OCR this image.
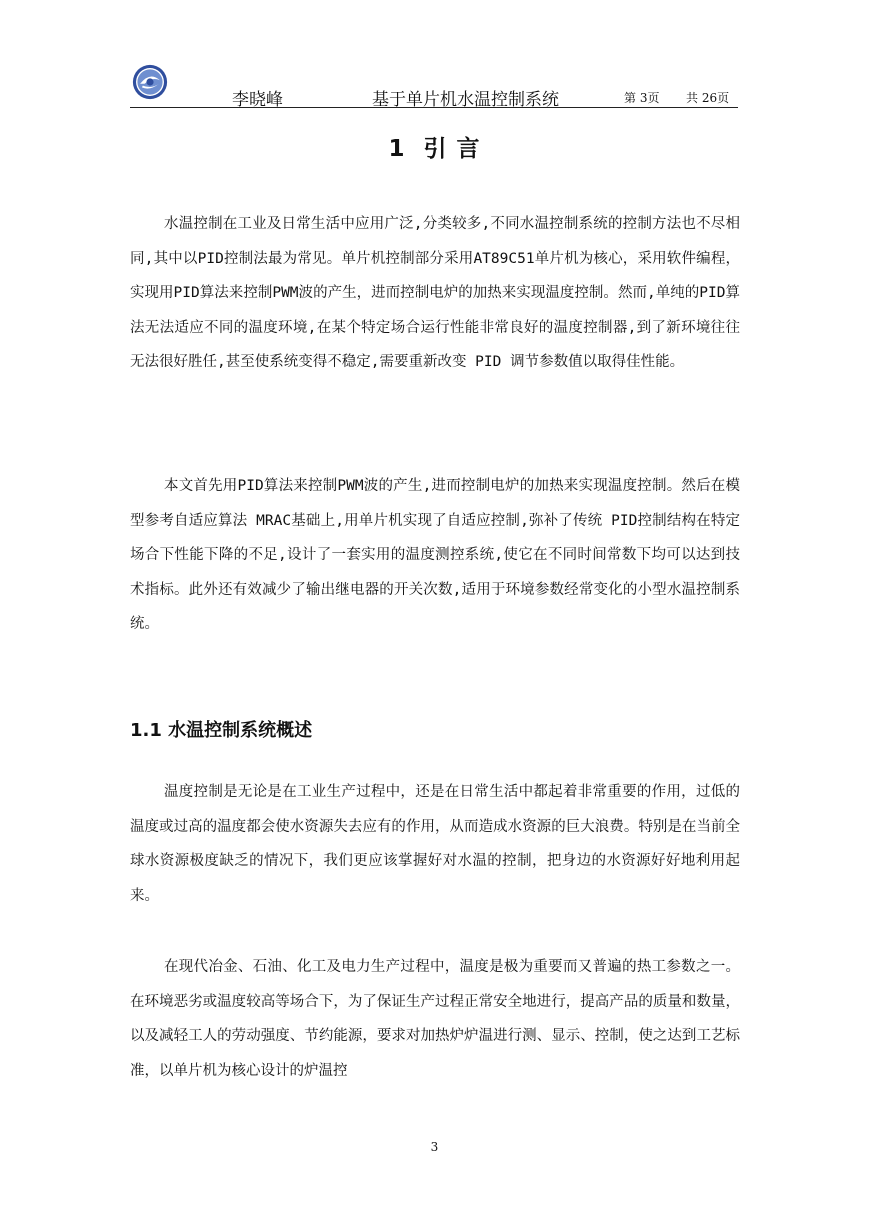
李晓峰	基于单片机水温控制系统	第 3页 共 26页
1 引 言

水温控制在工业及日常生活中应用广泛,分类较多,不同水温控制系统的控制方法也不尽相同,其中以PID控制法最为常见。单片机控制部分采用AT89C51单片机为核心，采用软件编程，实现用PID算法来控制PWM波的产生，进而控制电炉的加热来实现温度控制。然而,单纯的PID算法无法适应不同的温度环境,在某个特定场合运行性能非常良好的温度控制器,到了新环境往往无法很好胜任,甚至使系统变得不稳定,需要重新改变 PID 调节参数值以取得佳性能。

本文首先用PID算法来控制PWM波的产生,进而控制电炉的加热来实现温度控制。然后在模型参考自适应算法 MRAC基础上,用单片机实现了自适应控制,弥补了传统 PID控制结构在特定场合下性能下降的不足,设计了一套实用的温度测控系统,使它在不同时间常数下均可以达到技术指标。此外还有效减少了输出继电器的开关次数,适用于环境参数经常变化的小型水温控制系统。

1.1 水温控制系统概述

温度控制是无论是在工业生产过程中，还是在日常生活中都起着非常重要的作用，过低的温度或过高的温度都会使水资源失去应有的作用，从而造成水资源的巨大浪费。特别是在当前全球水资源极度缺乏的情况下，我们更应该掌握好对水温的控制，把身边的水资源好好地利用起来。

在现代冶金、石油、化工及电力生产过程中，温度是极为重要而又普遍的热工参数之一。在环境恶劣或温度较高等场合下，为了保证生产过程正常安全地进行，提高产品的质量和数量，以及减轻工人的劳动强度、节约能源，要求对加热炉炉温进行测、显示、控制，使之达到工艺标准，以单片机为核心设计的炉温控

3
